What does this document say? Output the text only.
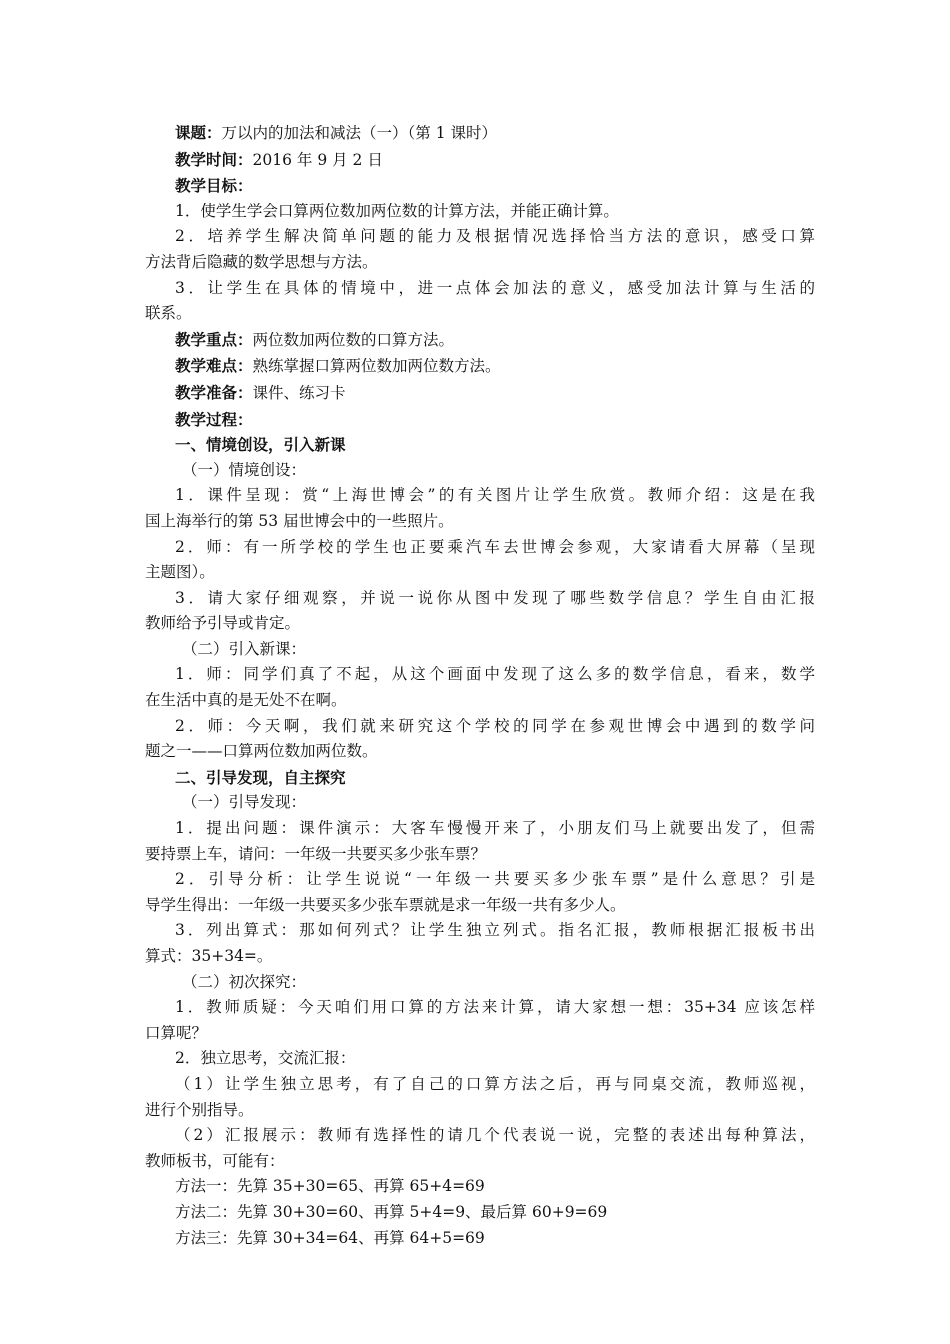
课题：万以内的加法和减法（一）（第 1 课时）
教学时间：2016 年 9 月 2 日
教学目标：
1．使学生学会口算两位数加两位数的计算方法，并能正确计算。
2．培养学生解决简单问题的能力及根据情况选择恰当方法的意识，感受口算
方法背后隐藏的数学思想与方法。
3．让学生在具体的情境中，进一点体会加法的意义，感受加法计算与生活的
联系。
教学重点：两位数加两位数的口算方法。
教学难点：熟练掌握口算两位数加两位数方法。
教学准备：课件、练习卡
教学过程：
一、情境创设，引入新课
（一）情境创设：
1．课件呈现：赏“上海世博会”的有关图片让学生欣赏。教师介绍：这是在我
国上海举行的第 53 届世博会中的一些照片。
2．师：有一所学校的学生也正要乘汽车去世博会参观，大家请看大屏幕（呈现
主题图）。
3．请大家仔细观察，并说一说你从图中发现了哪些数学信息？学生自由汇报
教师给予引导或肯定。
（二）引入新课：
1．师：同学们真了不起，从这个画面中发现了这么多的数学信息，看来，数学
在生活中真的是无处不在啊。
2．师：今天啊，我们就来研究这个学校的同学在参观世博会中遇到的数学问
题之一——口算两位数加两位数。
二、引导发现，自主探究
（一）引导发现：
1．提出问题：课件演示：大客车慢慢开来了，小朋友们马上就要出发了，但需
要持票上车，请问：一年级一共要买多少张车票？
2．引导分析：让学生说说“一年级一共要买多少张车票”是什么意思？引是
导学生得出：一年级一共要买多少张车票就是求一年级一共有多少人。
3．列出算式：那如何列式？让学生独立列式。指名汇报，教师根据汇报板书出
算式：35+34=。
（二）初次探究：
1．教师质疑：今天咱们用口算的方法来计算，请大家想一想：35+34 应该怎样
口算呢？
2．独立思考，交流汇报：
（1）让学生独立思考，有了自己的口算方法之后，再与同桌交流，教师巡视，
进行个别指导。
（2）汇报展示：教师有选择性的请几个代表说一说，完整的表述出每种算法，
教师板书，可能有：
方法一：先算 35+30=65、再算 65+4=69
方法二：先算 30+30=60、再算 5+4=9、最后算 60+9=69
方法三：先算 30+34=64、再算 64+5=69
